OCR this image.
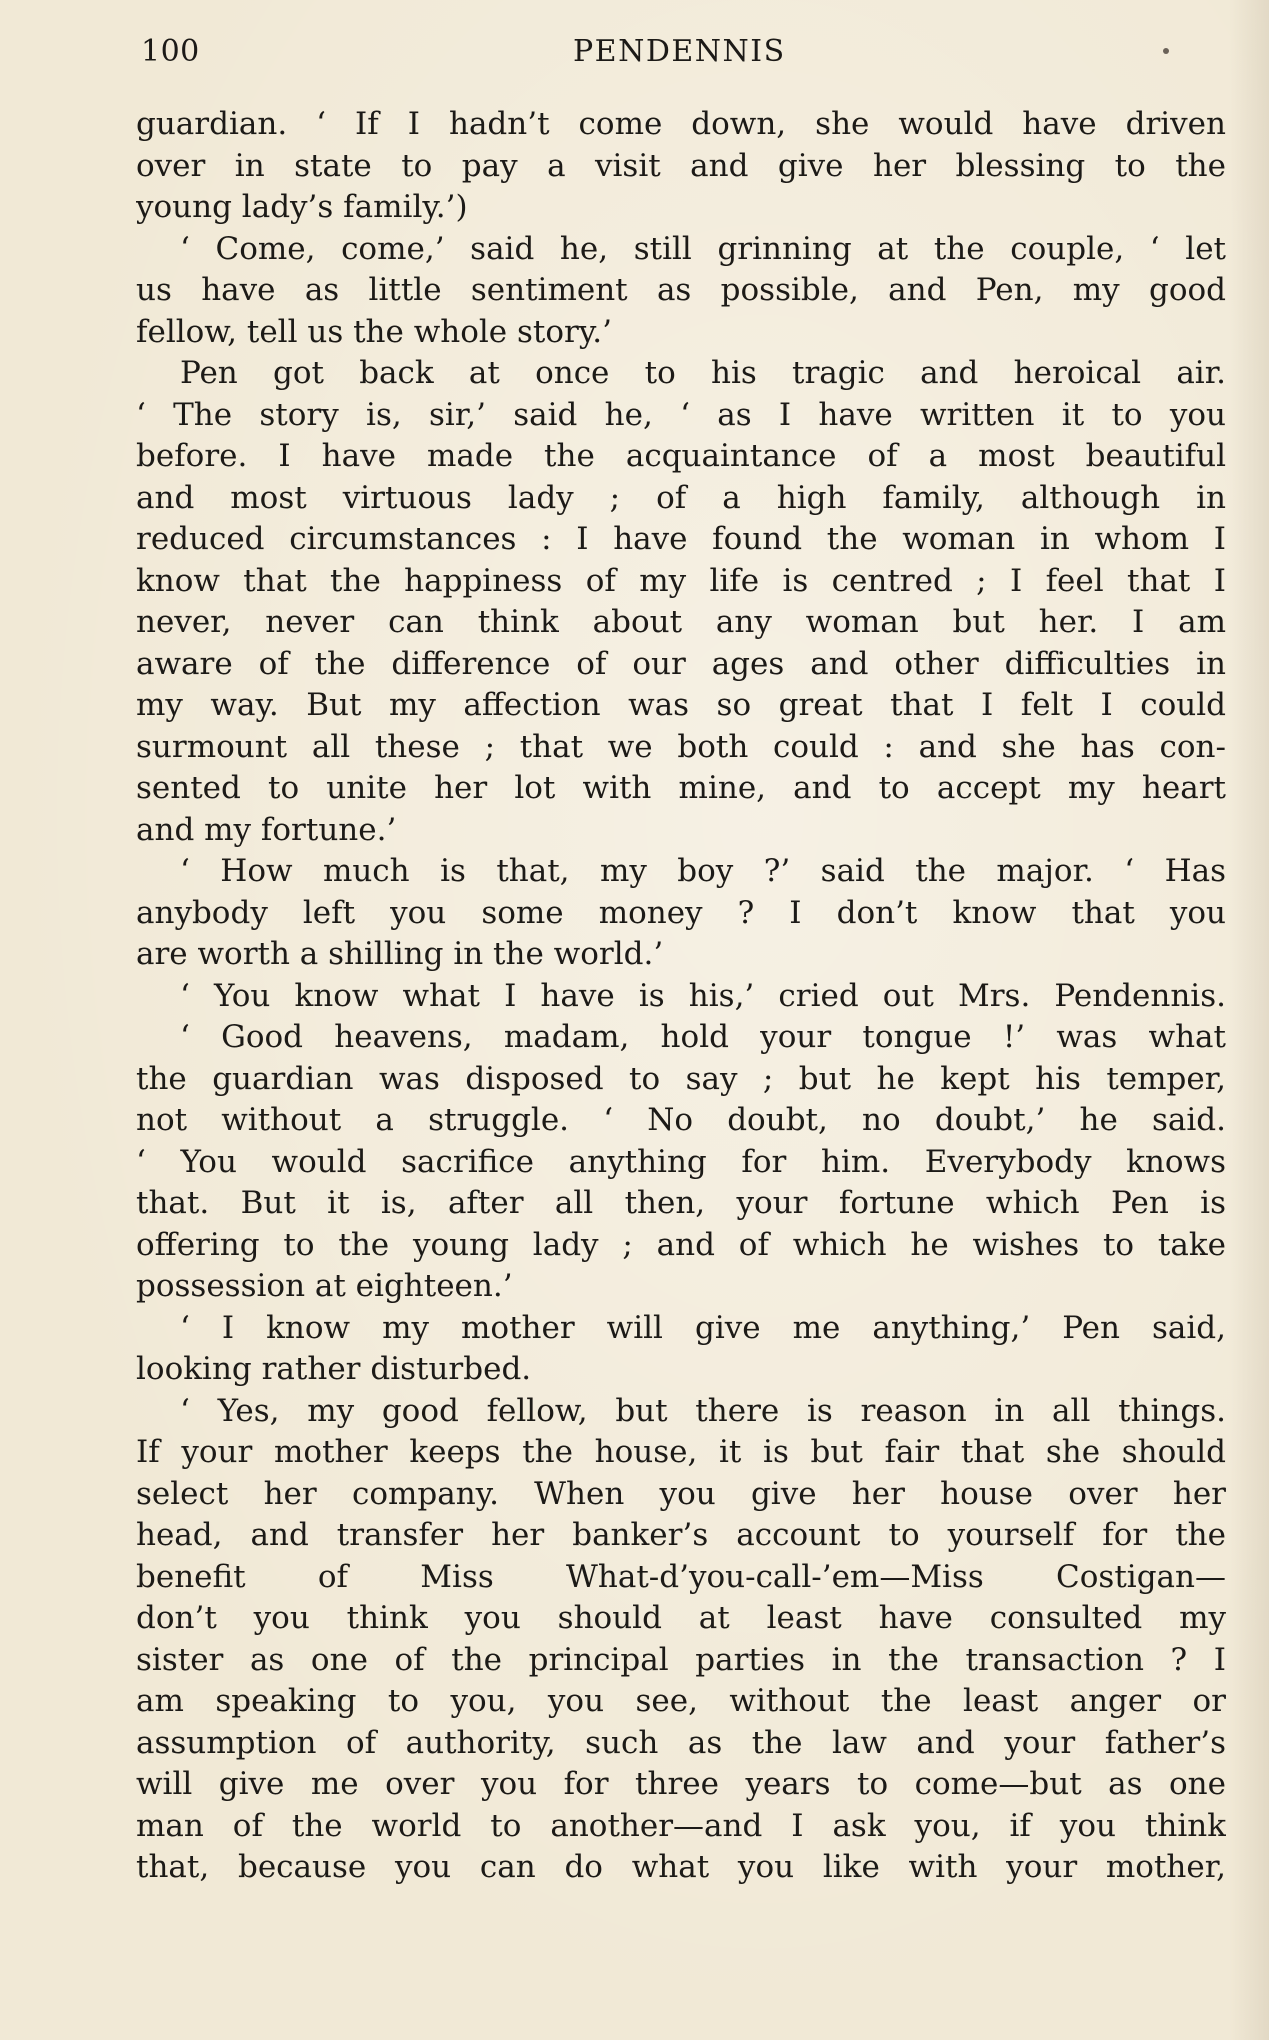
100	PENDENNIS
guardian. ‘ If I hadn’t come down, she would have driven
over in state to pay a visit and give her blessing to the
young lady’s family.’)
‘ Come, come,’ said he, still grinning at the couple, ‘ let
us have as little sentiment as possible, and Pen, my good
fellow, tell us the whole story.’
Pen got back at once to his tragic and heroical air.
‘ The story is, sir,’ said he, ‘ as I have written it to you
before. I have made the acquaintance of a most beautiful
and most virtuous lady ; of a high family, although in
reduced circumstances : I have found the woman in whom I
know that the happiness of my life is centred ; I feel that I
never, never can think about any woman but her. I am
aware of the difference of our ages and other difficulties in
my way. But my affection was so great that I felt I could
surmount all these ; that we both could : and she has con-
sented to unite her lot with mine, and to accept my heart
and my fortune.’
‘ How much is that, my boy ?’ said the major. ‘ Has
anybody left you some money ? I don’t know that you
are worth a shilling in the world.’
‘ You know what I have is his,’ cried out Mrs. Pendennis.
‘ Good heavens, madam, hold your tongue !’ was what
the guardian was disposed to say ; but he kept his temper,
not without a struggle. ‘ No doubt, no doubt,’ he said.
‘ You would sacrifice anything for him. Everybody knows
that. But it is, after all then, your fortune which Pen is
offering to the young lady ; and of which he wishes to take
possession at eighteen.’
‘ I know my mother will give me anything,’ Pen said,
looking rather disturbed.
‘ Yes, my good fellow, but there is reason in all things.
If your mother keeps the house, it is but fair that she should
select her company. When you give her house over her
head, and transfer her banker’s account to yourself for the
benefit of Miss What-d’you-call-’em—Miss Costigan—
don’t you think you should at least have consulted my
sister as one of the principal parties in the transaction ? I
am speaking to you, you see, without the least anger or
assumption of authority, such as the law and your father’s
will give me over you for three years to come—but as one
man of the world to another—and I ask you, if you think
that, because you can do what you like with your mother,
